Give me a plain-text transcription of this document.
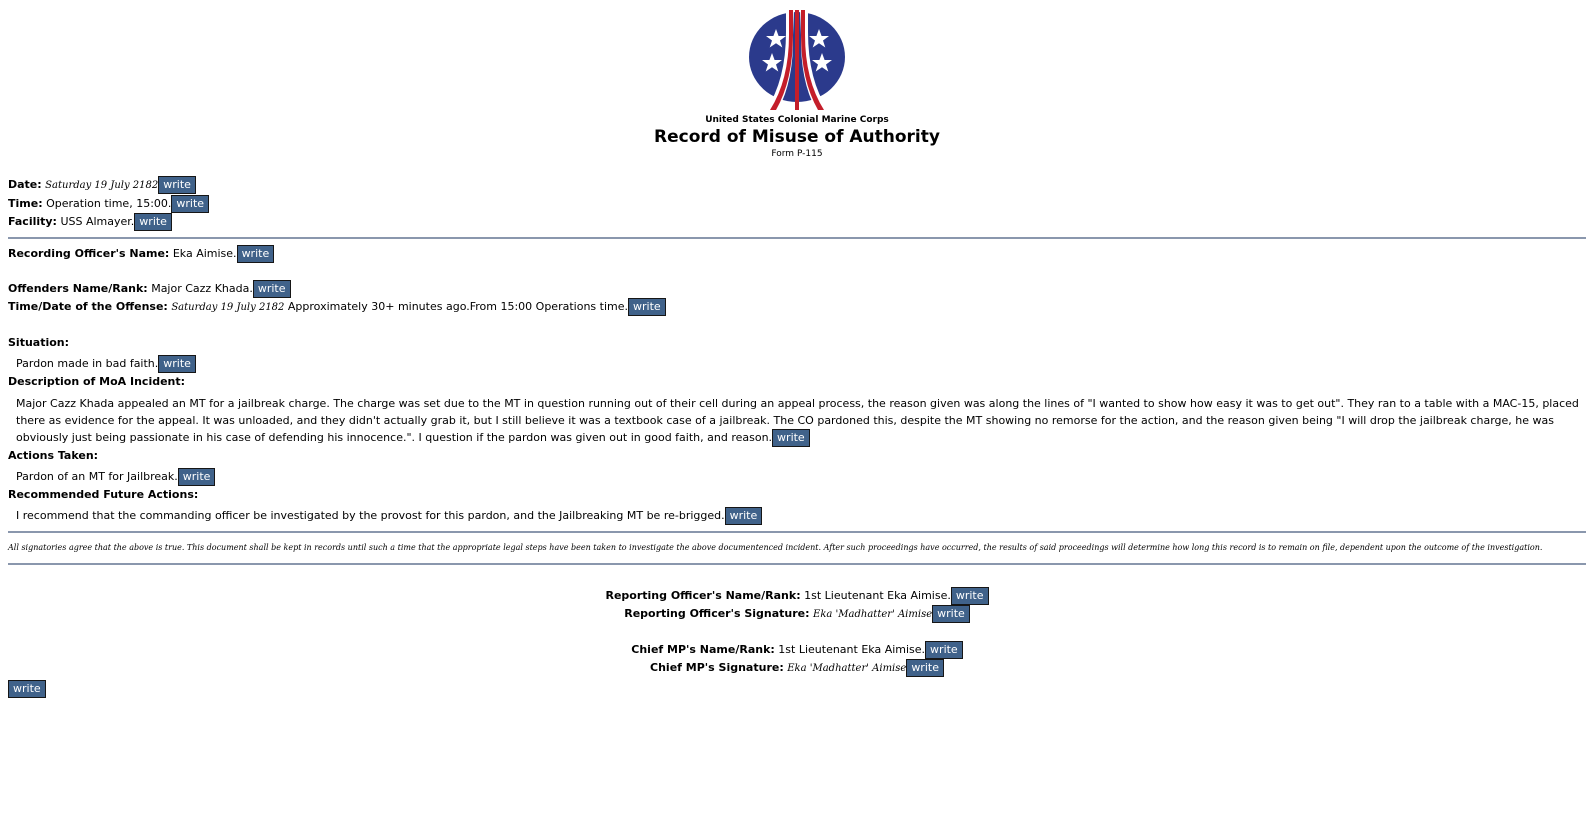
United States Colonial Marine Corps
Record of Misuse of Authority
Form P-115
Date: Saturday 19 July 2182 write
Time: Operation time, 15:00. write
Facility: USS Almayer. write
Recording Officer's Name: Eka Aimise. write
Offenders Name/Rank: Major Cazz Khada. write
Time/Date of the Offense: Saturday 19 July 2182 Approximately 30+ minutes ago.From 15:00 Operations time. write
Situation:
Pardon made in bad faith. write
Description of MoA Incident:
Major Cazz Khada appealed an MT for a jailbreak charge. The charge was set due to the MT in question running out of their cell during an appeal process, the reason given was along the lines of "I wanted to show how easy it was to get out". They ran to a table with a MAC-15, placed there as evidence for the appeal. It was unloaded, and they didn't actually grab it, but I still believe it was a textbook case of a jailbreak. The CO pardoned this, despite the MT showing no remorse for the action, and the reason given being "I will drop the jailbreak charge, he was obviously just being passionate in his case of defending his innocence.". I question if the pardon was given out in good faith, and reason. write
Actions Taken:
Pardon of an MT for Jailbreak. write
Recommended Future Actions:
I recommend that the commanding officer be investigated by the provost for this pardon, and the Jailbreaking MT be re-brigged. write
All signatories agree that the above is true. This document shall be kept in records until such a time that the appropriate legal steps have been taken to investigate the above documentenced incident. After such proceedings have occurred, the results of said proceedings will determine how long this record is to remain on file, dependent upon the outcome of the investigation.
Reporting Officer's Name/Rank: 1st Lieutenant Eka Aimise. write
Reporting Officer's Signature: Eka 'Madhatter' Aimise write
Chief MP's Name/Rank: 1st Lieutenant Eka Aimise. write
Chief MP's Signature: Eka 'Madhatter' Aimise write
write
